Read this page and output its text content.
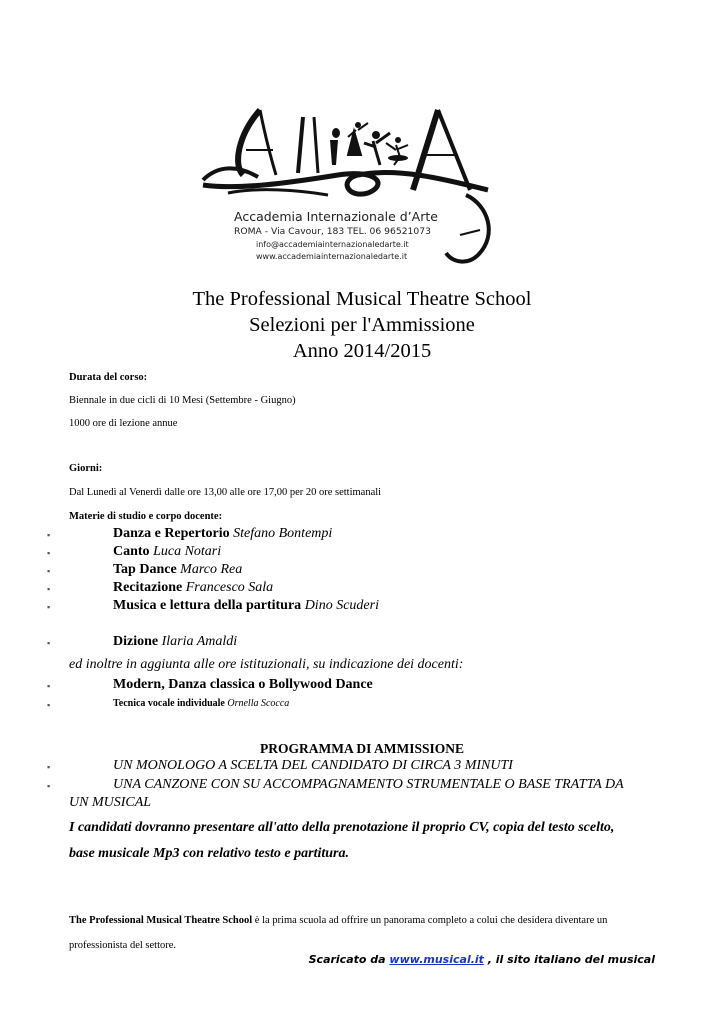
Accademia Internazionale d’Arte
ROMA - Via Cavour, 183 TEL. 06 96521073
info@accademiainternazionaledarte.it
www.accademiainternazionaledarte.it
The Professional Musical Theatre School
Selezioni per l'Ammissione
Anno 2014/2015
Durata del corso:
Biennale in due cicli di 10 Mesi (Settembre - Giugno)
1000 ore di lezione annue
Giorni:
Dal Lunedì al Venerdì dalle ore 13,00 alle ore 17,00 per 20 ore settimanali
Materie di studio e corpo docente:
▪	Danza e Repertorio Stefano Bontempi
▪	Canto Luca Notari
▪	Tap Dance Marco Rea
▪	Recitazione Francesco Sala
▪	Musica e lettura della partitura Dino Scuderi
▪	Dizione Ilaria Amaldi
ed inoltre in aggiunta alle ore istituzionali, su indicazione dei docenti:
▪	Modern, Danza classica o Bollywood Dance
▪	Tecnica vocale individuale Ornella Scocca
PROGRAMMA DI AMMISSIONE
▪	UN MONOLOGO A SCELTA DEL CANDIDATO DI CIRCA 3 MINUTI
▪	UNA CANZONE CON SU ACCOMPAGNAMENTO STRUMENTALE O BASE TRATTA DA
UN MUSICAL
I candidati dovranno presentare all'atto della prenotazione il proprio CV, copia del testo scelto,
base musicale Mp3 con relativo testo e partitura.
The Professional Musical Theatre School è la prima scuola ad offrire un panorama completo a colui che desidera diventare un
professionista del settore.
Scaricato da www.musical.it , il sito italiano del musical
